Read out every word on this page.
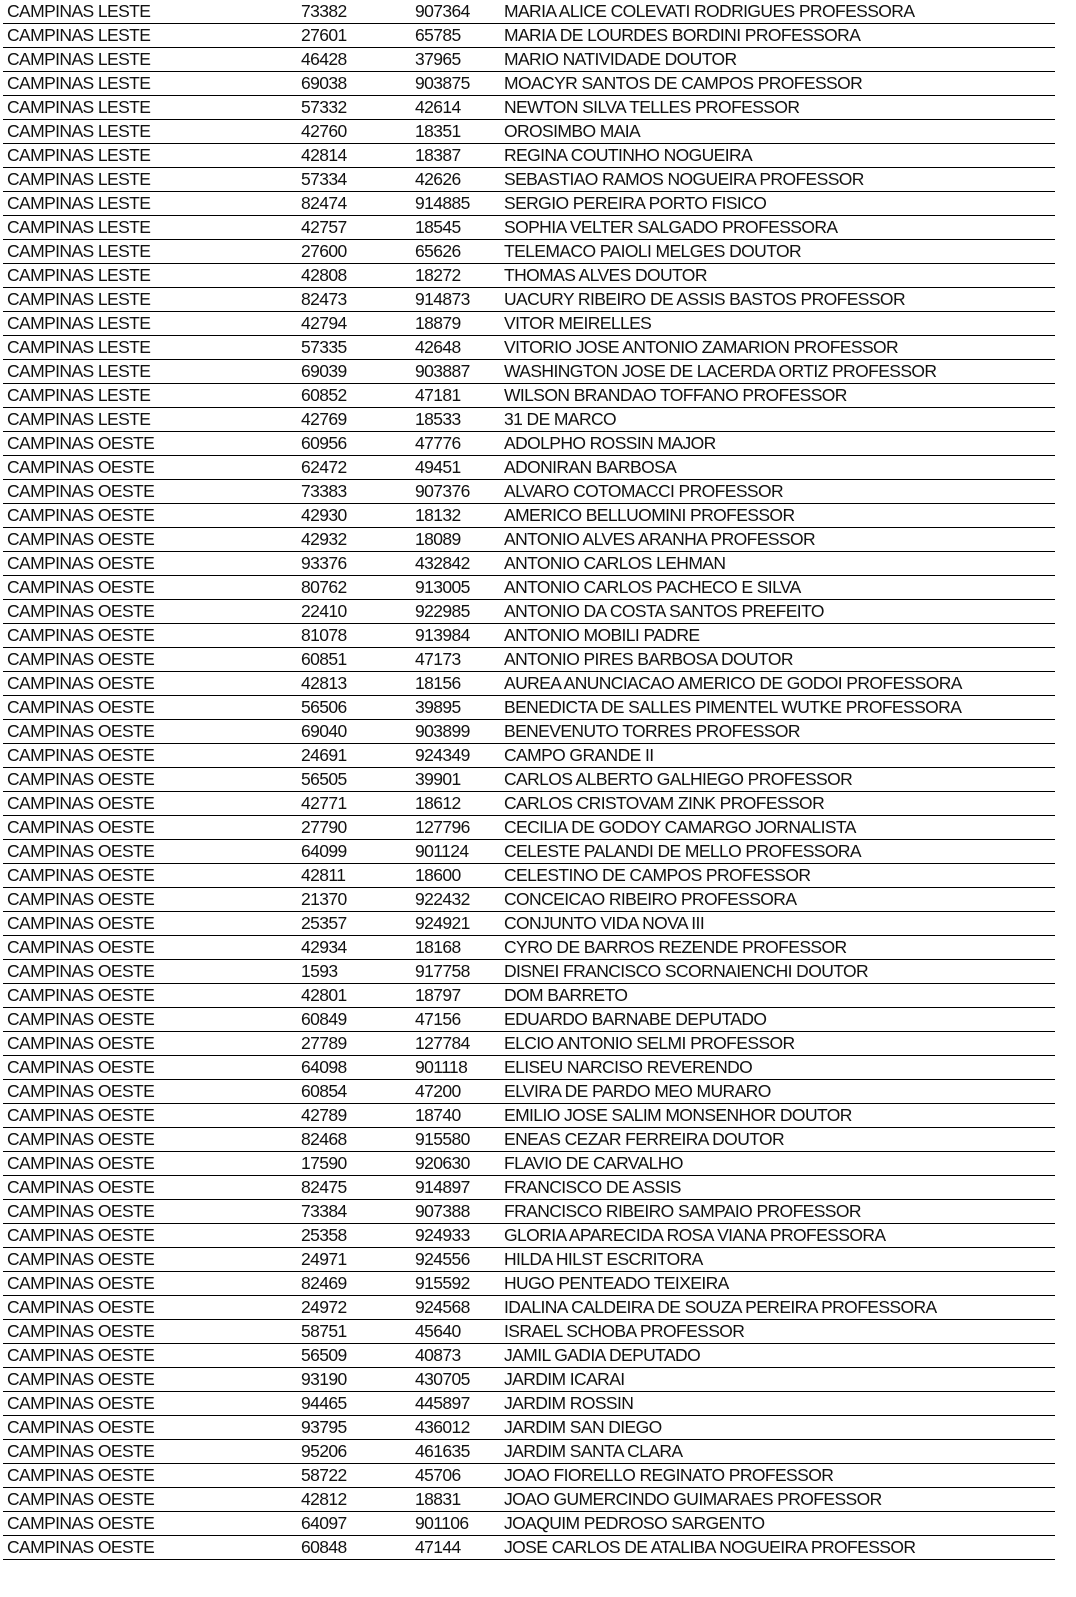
CAMPINAS LESTE	73382	907364	MARIA ALICE COLEVATI RODRIGUES PROFESSORA
CAMPINAS LESTE	27601	65785	MARIA DE LOURDES BORDINI PROFESSORA
CAMPINAS LESTE	46428	37965	MARIO NATIVIDADE DOUTOR
CAMPINAS LESTE	69038	903875	MOACYR SANTOS DE CAMPOS PROFESSOR
CAMPINAS LESTE	57332	42614	NEWTON SILVA TELLES PROFESSOR
CAMPINAS LESTE	42760	18351	OROSIMBO MAIA
CAMPINAS LESTE	42814	18387	REGINA COUTINHO NOGUEIRA
CAMPINAS LESTE	57334	42626	SEBASTIAO RAMOS NOGUEIRA PROFESSOR
CAMPINAS LESTE	82474	914885	SERGIO PEREIRA PORTO FISICO
CAMPINAS LESTE	42757	18545	SOPHIA VELTER SALGADO PROFESSORA
CAMPINAS LESTE	27600	65626	TELEMACO PAIOLI MELGES DOUTOR
CAMPINAS LESTE	42808	18272	THOMAS ALVES DOUTOR
CAMPINAS LESTE	82473	914873	UACURY RIBEIRO DE ASSIS BASTOS PROFESSOR
CAMPINAS LESTE	42794	18879	VITOR MEIRELLES
CAMPINAS LESTE	57335	42648	VITORIO JOSE ANTONIO ZAMARION PROFESSOR
CAMPINAS LESTE	69039	903887	WASHINGTON JOSE DE LACERDA ORTIZ PROFESSOR
CAMPINAS LESTE	60852	47181	WILSON BRANDAO TOFFANO PROFESSOR
CAMPINAS LESTE	42769	18533	31 DE MARCO
CAMPINAS OESTE	60956	47776	ADOLPHO ROSSIN MAJOR
CAMPINAS OESTE	62472	49451	ADONIRAN BARBOSA
CAMPINAS OESTE	73383	907376	ALVARO COTOMACCI PROFESSOR
CAMPINAS OESTE	42930	18132	AMERICO BELLUOMINI PROFESSOR
CAMPINAS OESTE	42932	18089	ANTONIO ALVES ARANHA PROFESSOR
CAMPINAS OESTE	93376	432842	ANTONIO CARLOS LEHMAN
CAMPINAS OESTE	80762	913005	ANTONIO CARLOS PACHECO E SILVA
CAMPINAS OESTE	22410	922985	ANTONIO DA COSTA SANTOS PREFEITO
CAMPINAS OESTE	81078	913984	ANTONIO MOBILI PADRE
CAMPINAS OESTE	60851	47173	ANTONIO PIRES BARBOSA DOUTOR
CAMPINAS OESTE	42813	18156	AUREA ANUNCIACAO AMERICO DE GODOI PROFESSORA
CAMPINAS OESTE	56506	39895	BENEDICTA DE SALLES PIMENTEL WUTKE PROFESSORA
CAMPINAS OESTE	69040	903899	BENEVENUTO TORRES PROFESSOR
CAMPINAS OESTE	24691	924349	CAMPO GRANDE II
CAMPINAS OESTE	56505	39901	CARLOS ALBERTO GALHIEGO PROFESSOR
CAMPINAS OESTE	42771	18612	CARLOS CRISTOVAM ZINK PROFESSOR
CAMPINAS OESTE	27790	127796	CECILIA DE GODOY CAMARGO JORNALISTA
CAMPINAS OESTE	64099	901124	CELESTE PALANDI DE MELLO PROFESSORA
CAMPINAS OESTE	42811	18600	CELESTINO DE CAMPOS PROFESSOR
CAMPINAS OESTE	21370	922432	CONCEICAO RIBEIRO PROFESSORA
CAMPINAS OESTE	25357	924921	CONJUNTO VIDA NOVA III
CAMPINAS OESTE	42934	18168	CYRO DE BARROS REZENDE PROFESSOR
CAMPINAS OESTE	1593	917758	DISNEI FRANCISCO SCORNAIENCHI DOUTOR
CAMPINAS OESTE	42801	18797	DOM BARRETO
CAMPINAS OESTE	60849	47156	EDUARDO BARNABE DEPUTADO
CAMPINAS OESTE	27789	127784	ELCIO ANTONIO SELMI PROFESSOR
CAMPINAS OESTE	64098	901118	ELISEU NARCISO REVERENDO
CAMPINAS OESTE	60854	47200	ELVIRA DE PARDO MEO MURARO
CAMPINAS OESTE	42789	18740	EMILIO JOSE SALIM MONSENHOR DOUTOR
CAMPINAS OESTE	82468	915580	ENEAS CEZAR FERREIRA DOUTOR
CAMPINAS OESTE	17590	920630	FLAVIO DE CARVALHO
CAMPINAS OESTE	82475	914897	FRANCISCO DE ASSIS
CAMPINAS OESTE	73384	907388	FRANCISCO RIBEIRO SAMPAIO PROFESSOR
CAMPINAS OESTE	25358	924933	GLORIA APARECIDA ROSA VIANA PROFESSORA
CAMPINAS OESTE	24971	924556	HILDA HILST ESCRITORA
CAMPINAS OESTE	82469	915592	HUGO PENTEADO TEIXEIRA
CAMPINAS OESTE	24972	924568	IDALINA CALDEIRA DE SOUZA PEREIRA PROFESSORA
CAMPINAS OESTE	58751	45640	ISRAEL SCHOBA PROFESSOR
CAMPINAS OESTE	56509	40873	JAMIL GADIA DEPUTADO
CAMPINAS OESTE	93190	430705	JARDIM ICARAI
CAMPINAS OESTE	94465	445897	JARDIM ROSSIN
CAMPINAS OESTE	93795	436012	JARDIM SAN DIEGO
CAMPINAS OESTE	95206	461635	JARDIM SANTA CLARA
CAMPINAS OESTE	58722	45706	JOAO FIORELLO REGINATO PROFESSOR
CAMPINAS OESTE	42812	18831	JOAO GUMERCINDO GUIMARAES PROFESSOR
CAMPINAS OESTE	64097	901106	JOAQUIM PEDROSO SARGENTO
CAMPINAS OESTE	60848	47144	JOSE CARLOS DE ATALIBA NOGUEIRA PROFESSOR
